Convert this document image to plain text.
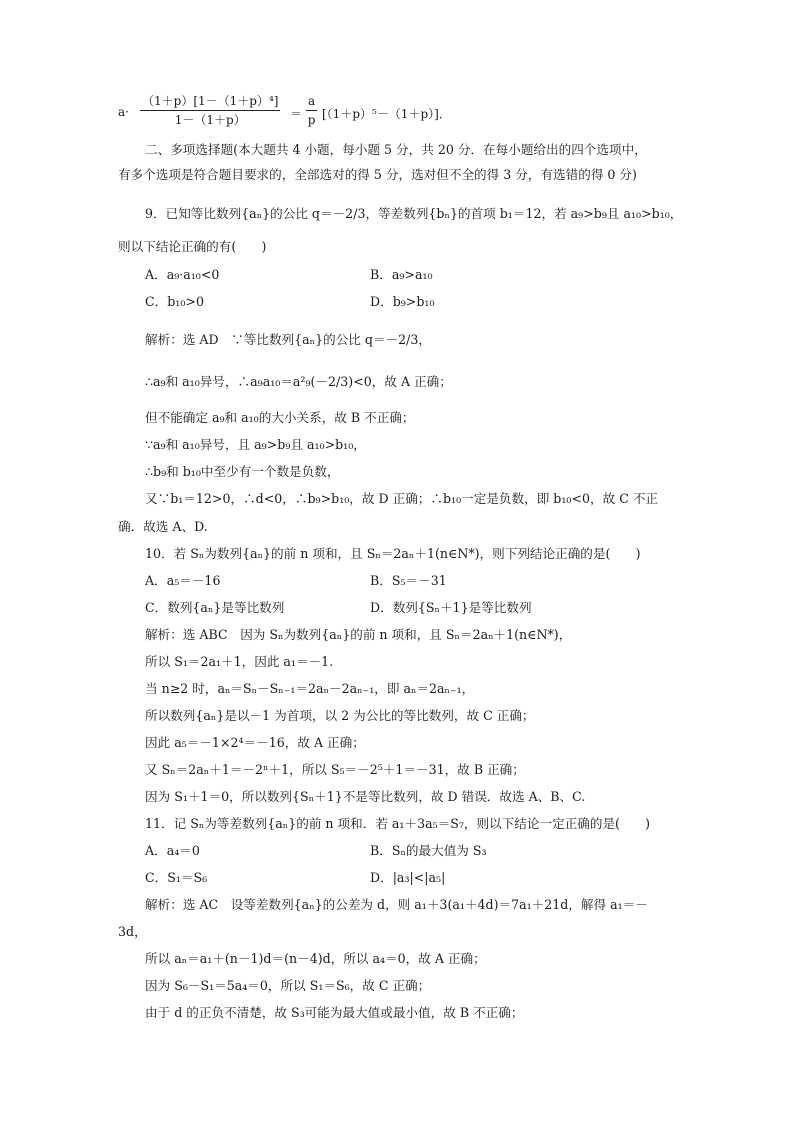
$a\cdot \frac{\text{（1＋p）[1－（1＋p）⁴]}}{1-(1+p)} = \frac{a}{p} [(1+p)^5-(1+p)]$．
二、多项选择题(本大题共 4 小题，每小题 5 分，共 20 分．在每小题给出的四个选项中，
有多个选项是符合题目要求的，全部选对的得 5 分，选对但不全的得 3 分，有选错的得 0 分)
9．已知等比数列{aₙ}的公比 q＝－2/3，等差数列{bₙ}的首项 b₁＝12，若 a₉>b₉且 a₁₀>b₁₀，
则以下结论正确的有(　　)
A．a₉·a₁₀<0	B．a₉>a₁₀
C．b₁₀>0	D．b₉>b₁₀
解析：选 AD　∵等比数列{aₙ}的公比 q＝－2/3，
∴a₉和 a₁₀异号，∴a₉a₁₀＝a²₉(－2/3)<0，故 A 正确；
但不能确定 a₉和 a₁₀的大小关系，故 B 不正确；
∵a₉和 a₁₀异号，且 a₉>b₉且 a₁₀>b₁₀，
∴b₉和 b₁₀中至少有一个数是负数，
又∵b₁＝12>0，∴d<0，∴b₉>b₁₀，故 D 正确；∴b₁₀一定是负数，即 b₁₀<0，故 C 不正
确．故选 A、D.
10．若 Sₙ为数列{aₙ}的前 n 项和，且 Sₙ＝2aₙ＋1(n∈N*)，则下列结论正确的是(　　)
A．a₅＝－16	B．S₅＝－31
C．数列{aₙ}是等比数列	D．数列{Sₙ＋1}是等比数列
解析：选 ABC　因为 Sₙ为数列{aₙ}的前 n 项和，且 Sₙ＝2aₙ＋1(n∈N*)，
所以 S₁＝2a₁＋1，因此 a₁＝－1.
当 n≥2 时，aₙ＝Sₙ－Sₙ₋₁＝2aₙ－2aₙ₋₁，即 aₙ＝2aₙ₋₁，
所以数列{aₙ}是以－1 为首项，以 2 为公比的等比数列，故 C 正确；
因此 a₅＝－1×2⁴＝－16，故 A 正确；
又 Sₙ＝2aₙ＋1＝－2ⁿ＋1，所以 S₅＝－2⁵＋1＝－31，故 B 正确；
因为 S₁＋1＝0，所以数列{Sₙ＋1}不是等比数列，故 D 错误．故选 A、B、C.
11．记 Sₙ为等差数列{aₙ}的前 n 项和．若 a₁＋3a₅＝S₇，则以下结论一定正确的是(　　)
A．a₄＝0	B．Sₙ的最大值为 S₃
C．S₁＝S₆	D．|a₃|<|a₅|
解析：选 AC　设等差数列{aₙ}的公差为 d，则 a₁＋3(a₁＋4d)＝7a₁＋21d，解得 a₁＝－
3d，
所以 aₙ＝a₁＋(n－1)d＝(n－4)d，所以 a₄＝0，故 A 正确；
因为 S₆－S₁＝5a₄＝0，所以 S₁＝S₆，故 C 正确；
由于 d 的正负不清楚，故 S₃可能为最大值或最小值，故 B 不正确；
